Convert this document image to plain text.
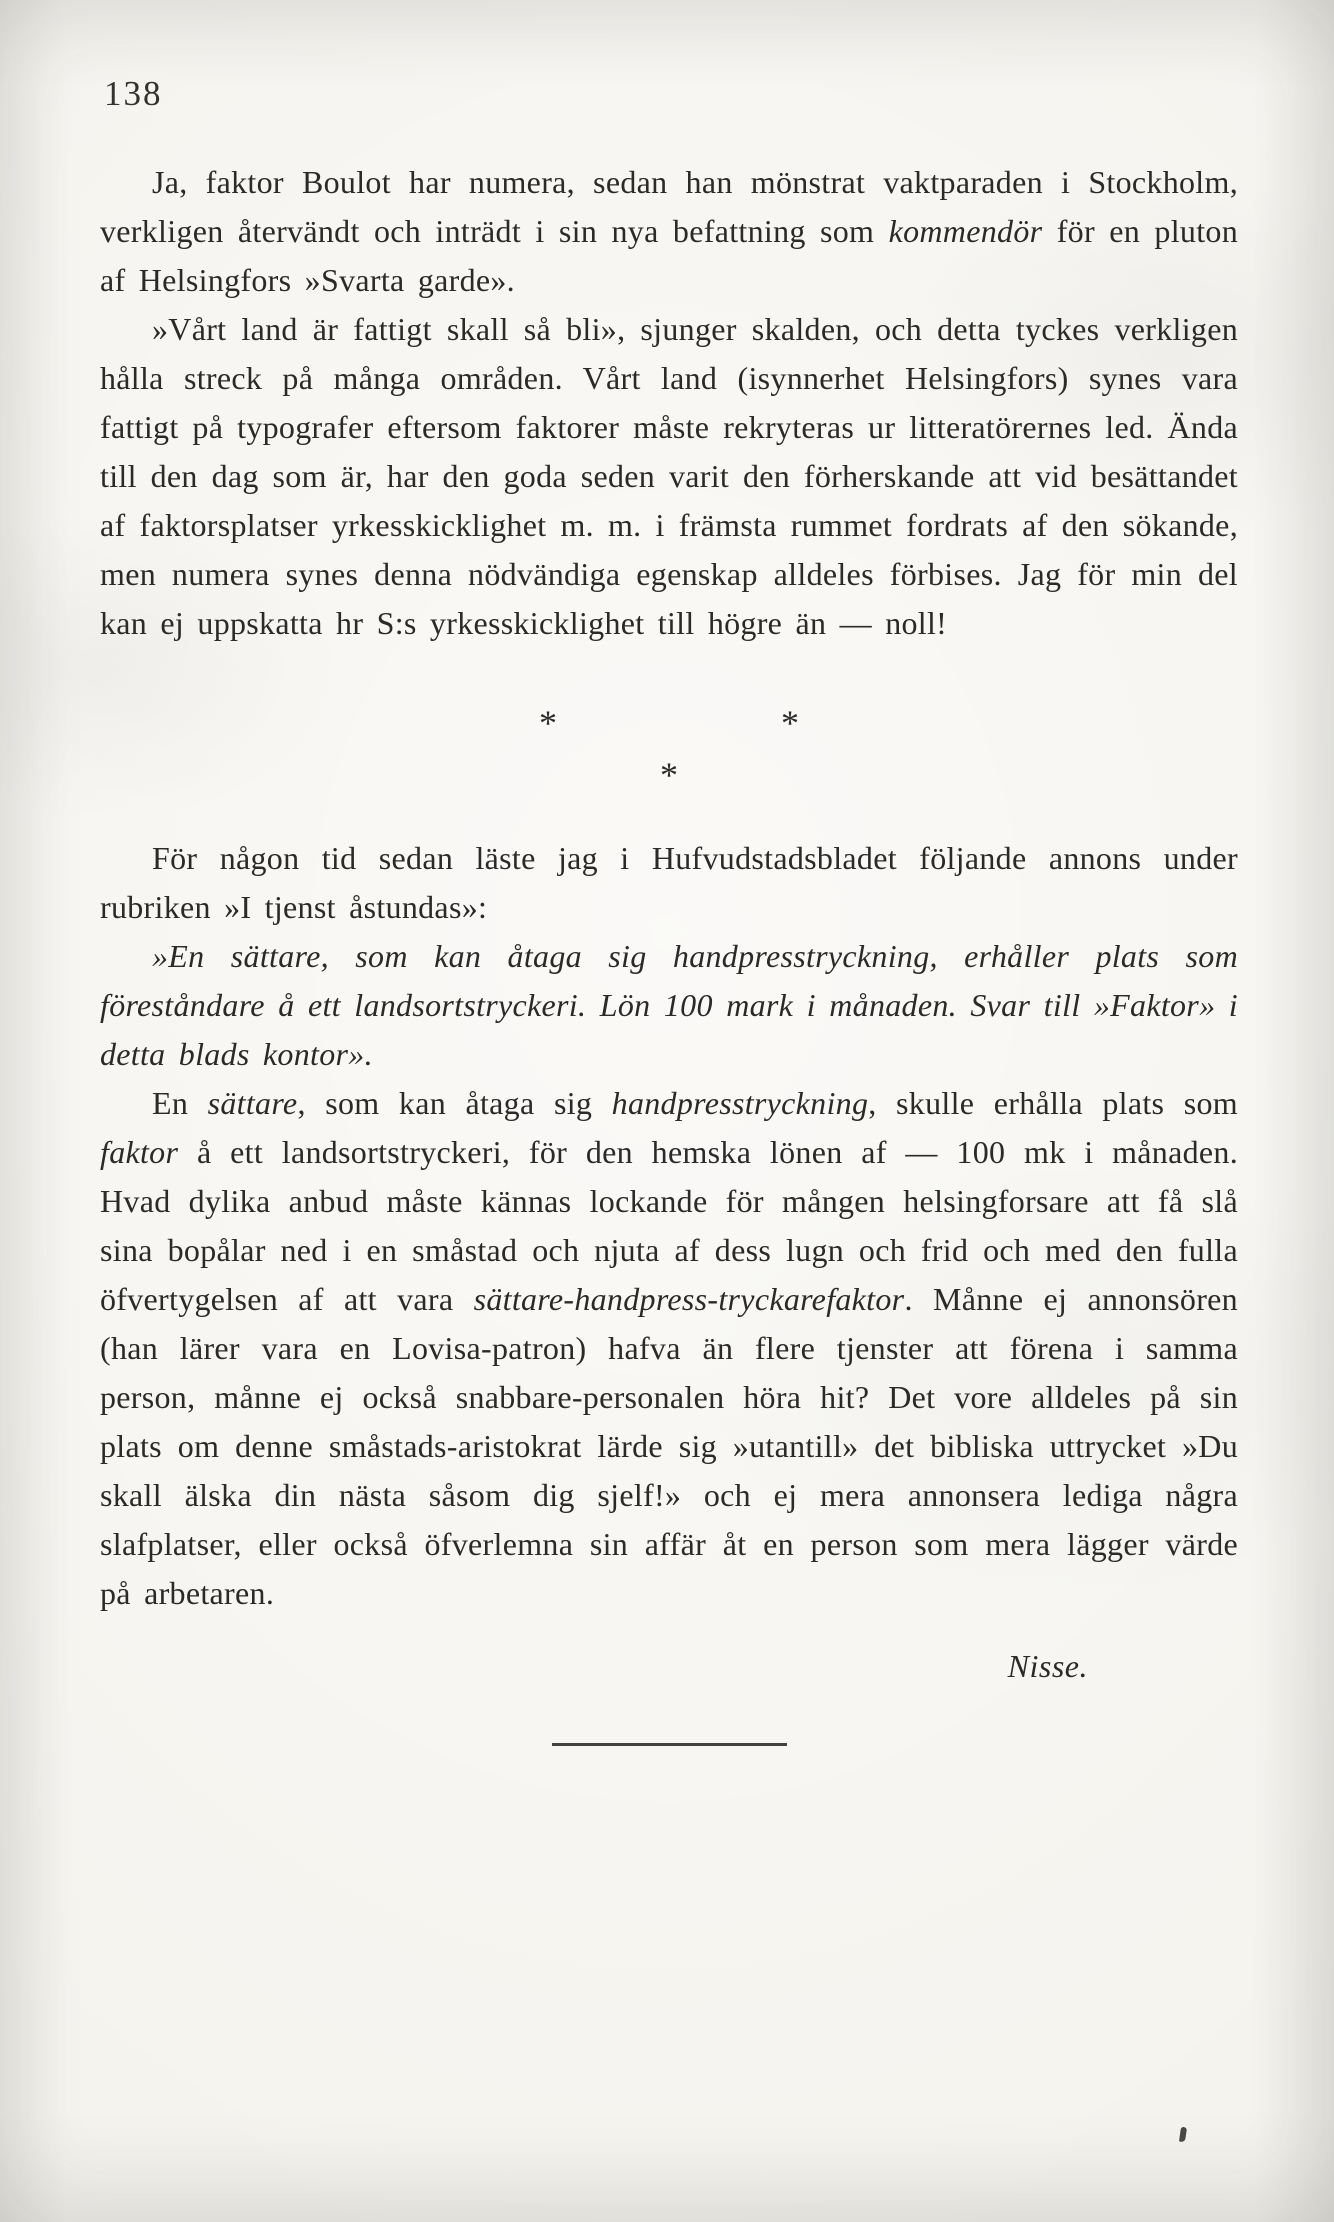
138

Ja, faktor Boulot har numera, sedan han mönstrat vaktparaden i Stockholm, verkligen återvändt och inträdt i sin nya befattning som kommendör för en pluton af Helsingfors »Svarta garde».

»Vårt land är fattigt skall så bli», sjunger skalden, och detta tyckes verkligen hålla streck på många områden. Vårt land (isynnerhet Helsingfors) synes vara fattigt på typografer eftersom faktorer måste rekryteras ur litteratörernes led. Ända till den dag som är, har den goda seden varit den förherskande att vid besättandet af faktorsplatser yrkesskicklighet m. m. i främsta rummet fordrats af den sökande, men numera synes denna nödvändiga egenskap alldeles förbises. Jag för min del kan ej uppskatta hr S:s yrkesskicklighet till högre än — noll!

*	*
*

För någon tid sedan läste jag i Hufvudstadsbladet följande annons under rubriken »I tjenst åstundas»:

»En sättare, som kan åtaga sig handpresstryckning, erhåller plats som föreståndare å ett landsortstryckeri. Lön 100 mark i månaden. Svar till »Faktor» i detta blads kontor».

En sättare, som kan åtaga sig handpresstryckning, skulle erhålla plats som faktor å ett landsortstryckeri, för den hemska lönen af — 100 mk i månaden. Hvad dylika anbud måste kännas lockande för mången helsingforsare att få slå sina bopålar ned i en småstad och njuta af dess lugn och frid och med den fulla öfvertygelsen af att vara sättare-handpress-tryckarefaktor. Månne ej annonsören (han lärer vara en Lovisa-patron) hafva än flere tjenster att förena i samma person, månne ej också snabbare-personalen höra hit? Det vore alldeles på sin plats om denne småstads-aristokrat lärde sig »utantill» det bibliska uttrycket »Du skall älska din nästa såsom dig sjelf!» och ej mera annonsera lediga några slafplatser, eller också öfverlemna sin affär åt en person som mera lägger värde på arbetaren.

Nisse.
